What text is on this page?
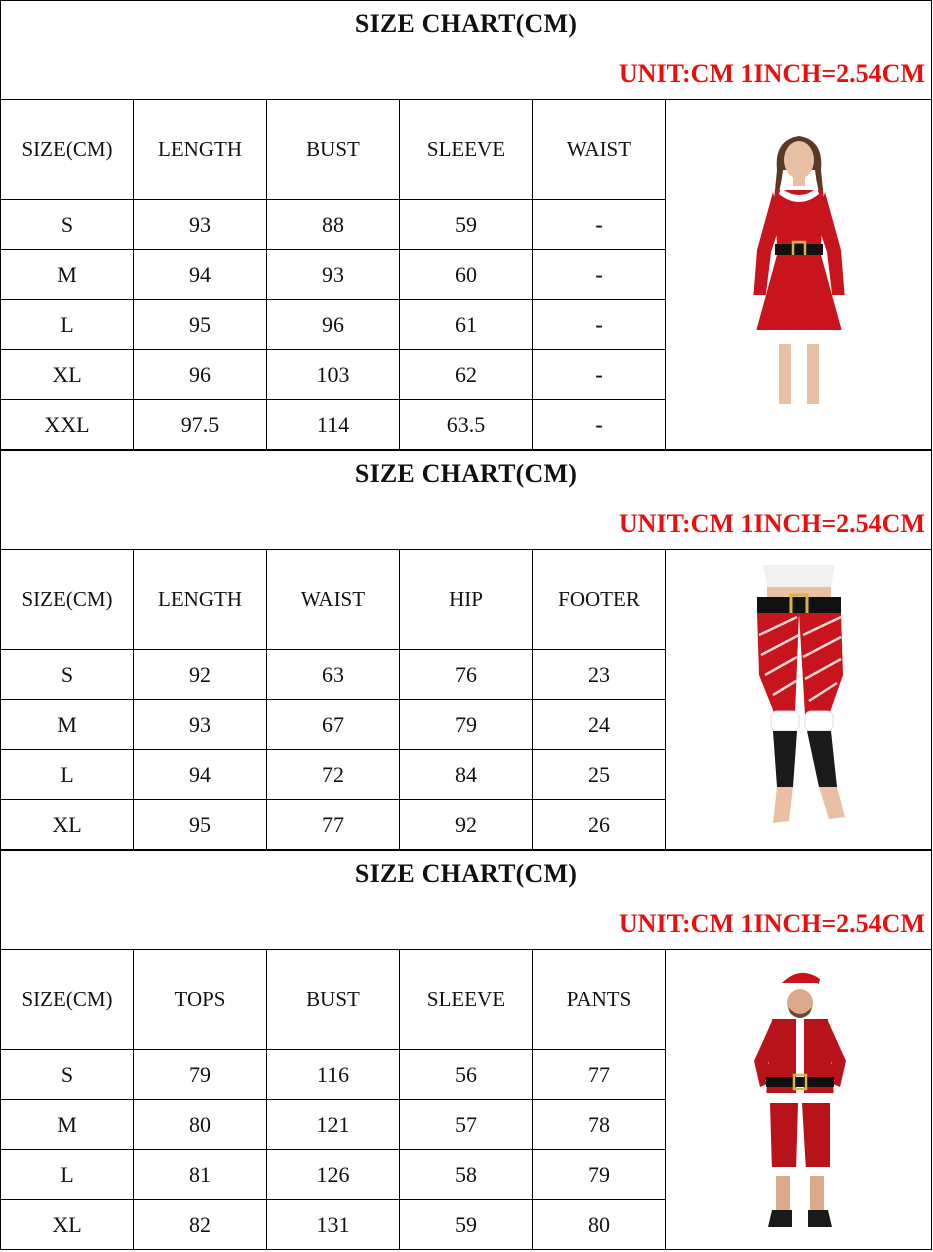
SIZE CHART(CM)
UNIT:CM 1INCH=2.54CM
SIZE(CM)	LENGTH	BUST	SLEEVE	WAIST	

S	93	88	59	-	
M	94	93	60	-	
L	95	96	61	-	
XL	96	103	62	-	
XXL	97.5	114	63.5	-	
SIZE CHART(CM)
UNIT:CM 1INCH=2.54CM
SIZE(CM)	LENGTH	WAIST	HIP	FOOTER	

S	92	63	76	23	
M	93	67	79	24	
L	94	72	84	25	
XL	95	77	92	26	
SIZE CHART(CM)
UNIT:CM 1INCH=2.54CM
SIZE(CM)	TOPS	BUST	SLEEVE	PANTS	

S	79	116	56	77	
M	80	121	57	78	
L	81	126	58	79	
XL	82	131	59	80	
